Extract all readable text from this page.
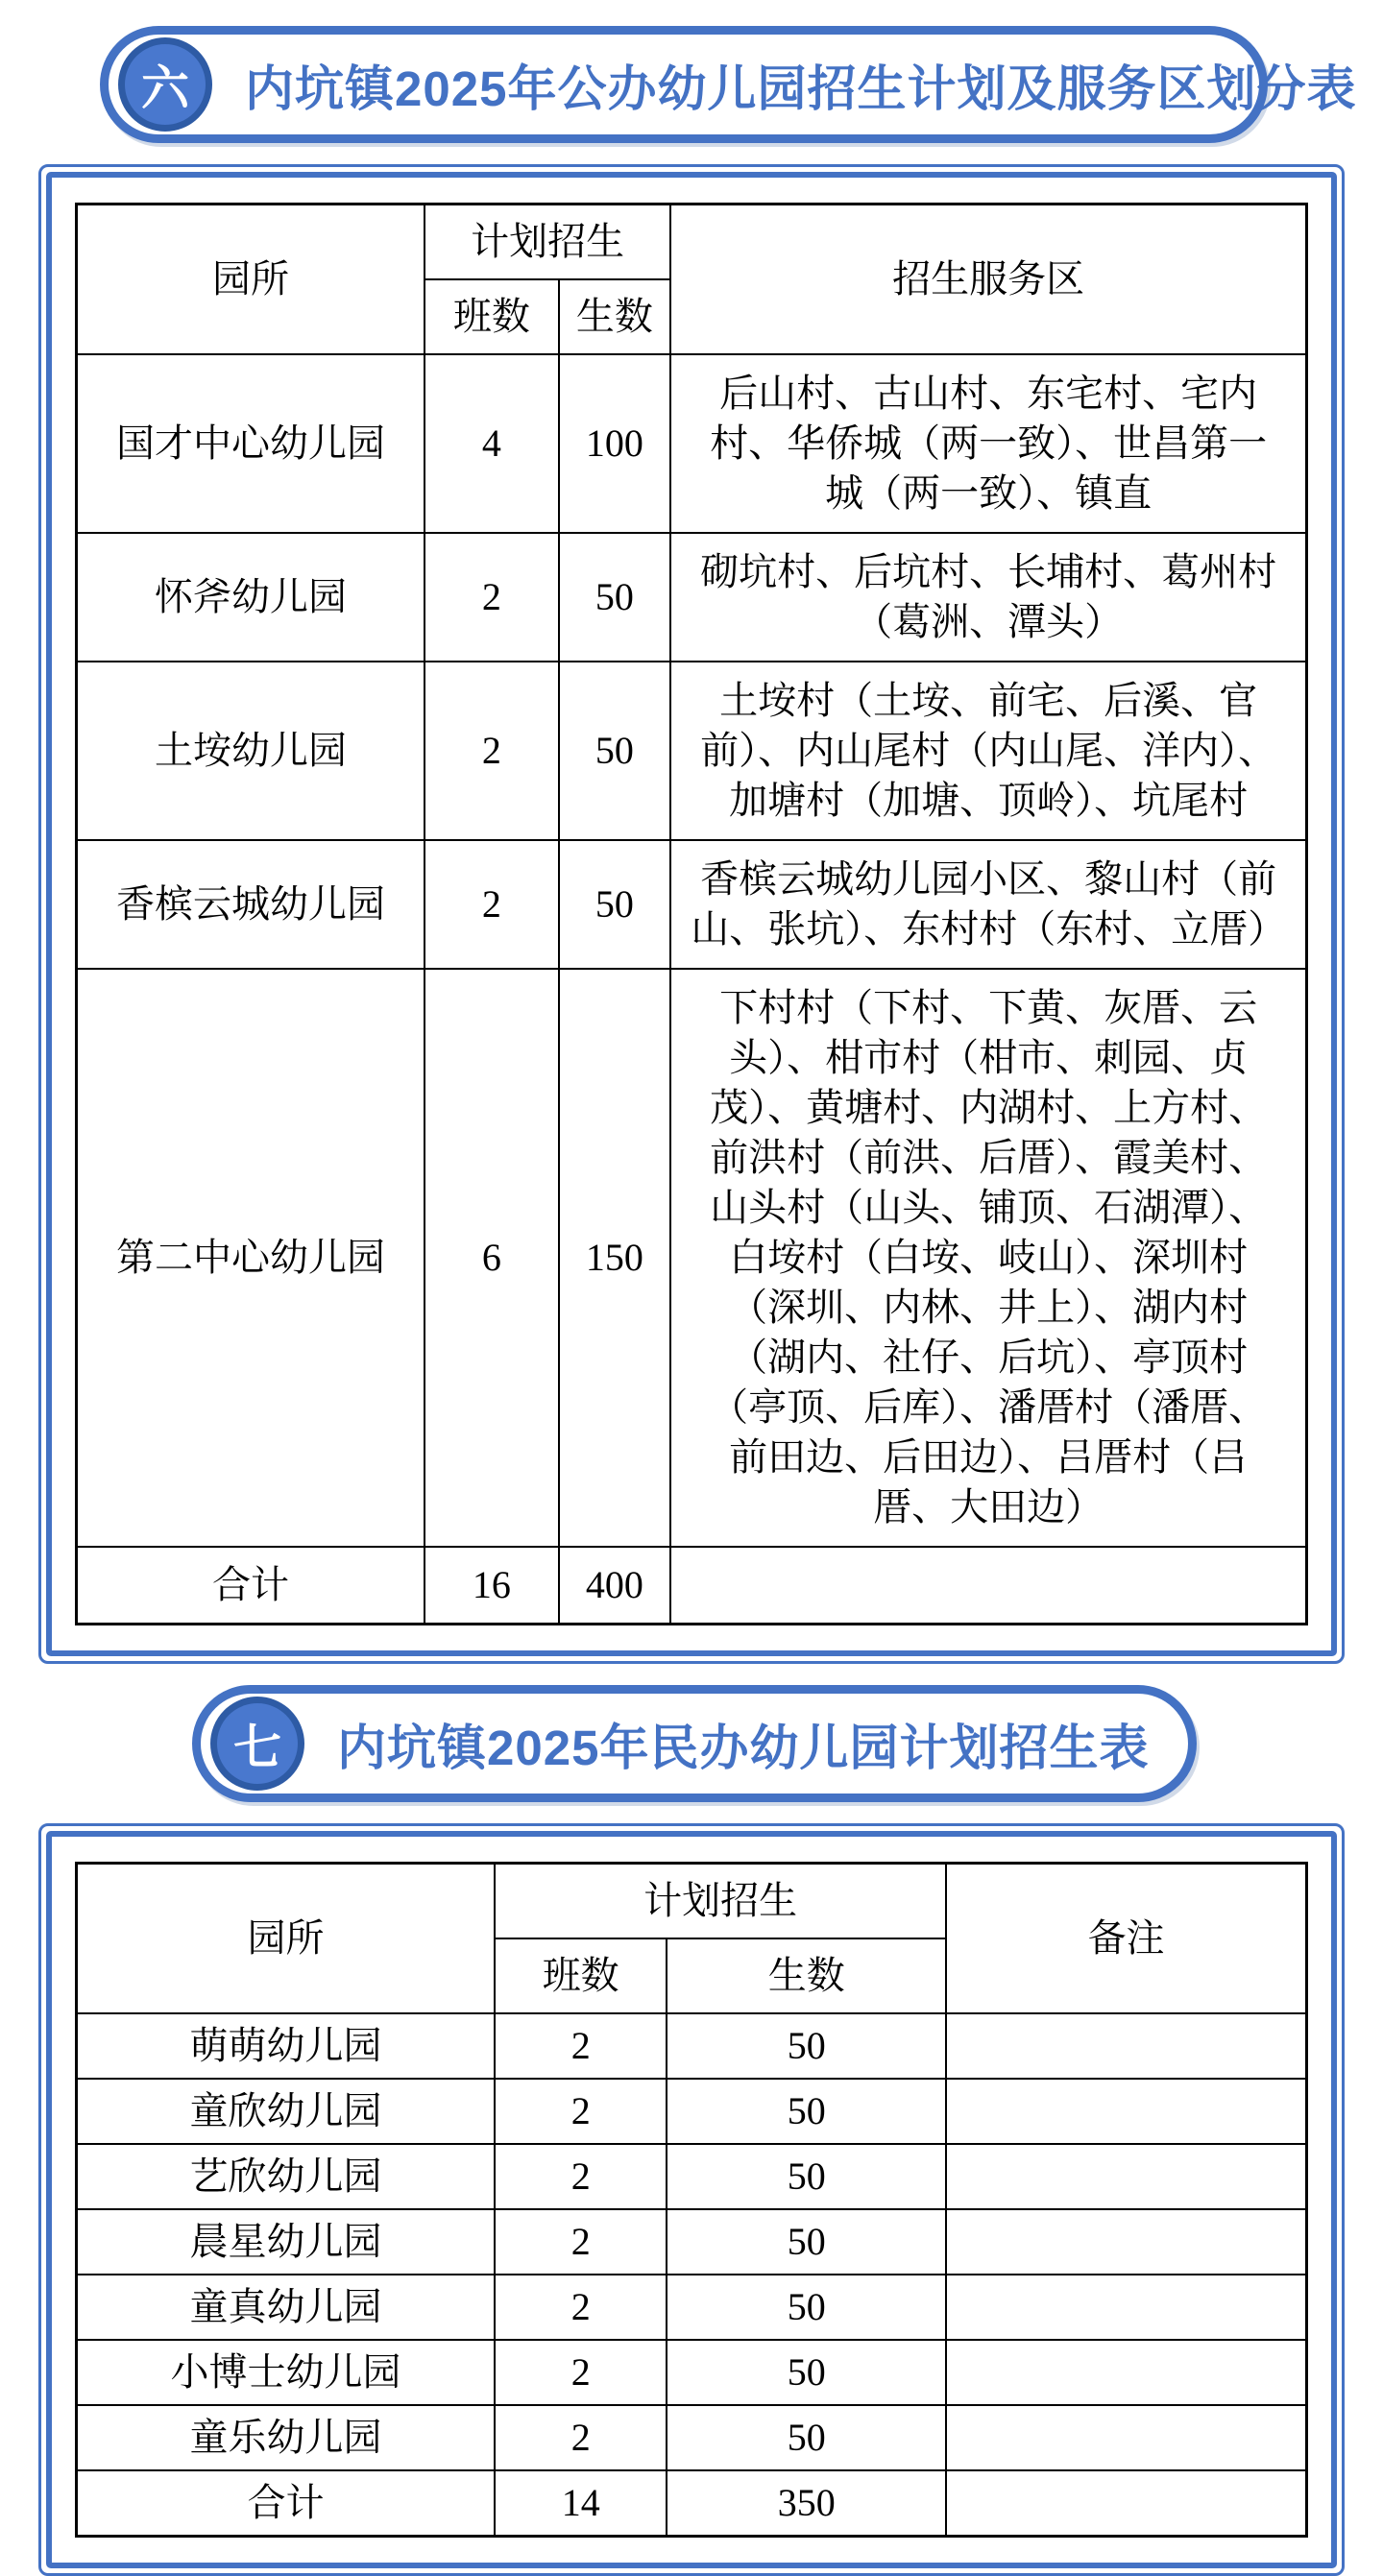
六	内坑镇2025年公办幼儿园招生计划及服务区划分表
园所	计划招生		招生服务区
	班数	生数	
国才中心幼儿园	4	100	后山村、古山村、东宅村、宅内村、华侨城（两一致）、世昌第一城（两一致）、镇直
怀斧幼儿园	2	50	砌坑村、后坑村、长埔村、葛州村（葛洲、潭头）
土垵幼儿园	2	50	土垵村（土垵、前宅、后溪、官前）、内山尾村（内山尾、洋内）、加塘村（加塘、顶岭）、坑尾村
香槟云城幼儿园	2	50	香槟云城幼儿园小区、黎山村（前山、张坑）、东村村（东村、立厝）
第二中心幼儿园	6	150	下村村（下村、下黄、灰厝、云头）、柑市村（柑市、刺园、贞茂）、黄塘村、内湖村、上方村、前洪村（前洪、后厝）、霞美村、山头村（山头、铺顶、石湖潭）、白垵村（白垵、岐山）、深圳村（深圳、内林、井上）、湖内村（湖内、社仔、后坑）、亭顶村（亭顶、后库）、潘厝村（潘厝、前田边、后田边）、吕厝村（吕厝、大田边）
合计	16	400	
七	内坑镇2025年民办幼儿园计划招生表
园所	计划招生		备注
	班数	生数	
萌萌幼儿园	2	50	
童欣幼儿园	2	50	
艺欣幼儿园	2	50	
晨星幼儿园	2	50	
童真幼儿园	2	50	
小博士幼儿园	2	50	
童乐幼儿园	2	50	
合计	14	350	
